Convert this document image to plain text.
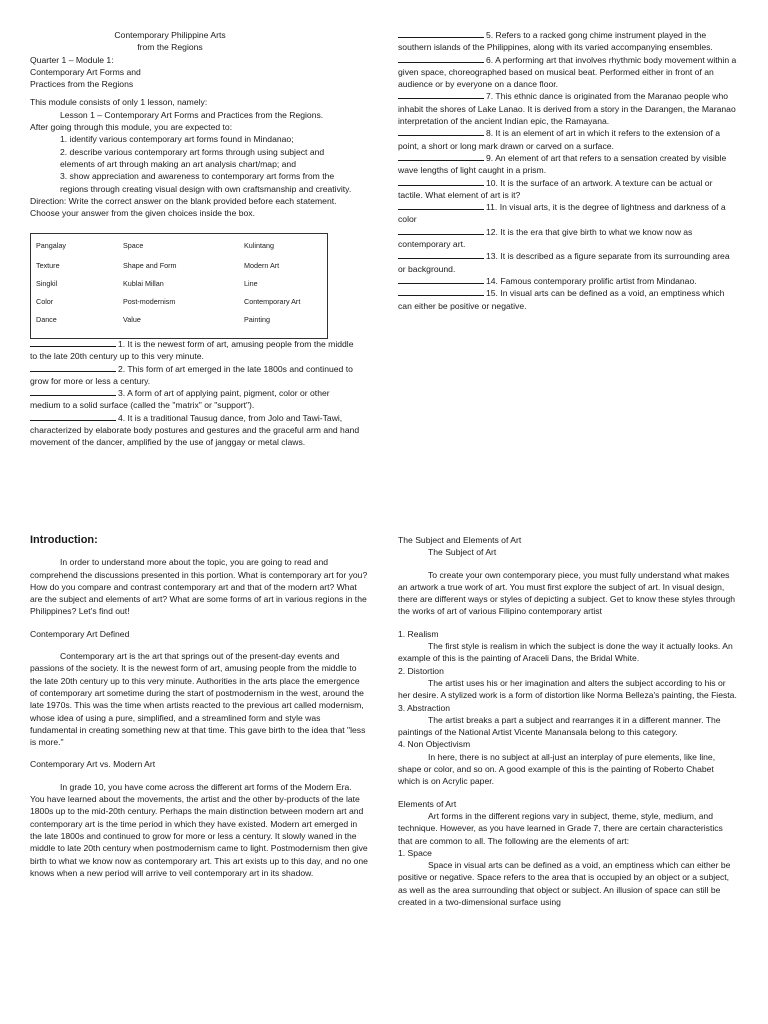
Contemporary Philippine Arts

from the Regions

Quarter 1 – Module 1:

Contemporary Art Forms and

Practices from the Regions

This module consists of only 1 lesson, namely:

Lesson 1 – Contemporary Art Forms and Practices from the Regions.

After going through this module, you are expected to:

1. identify various contemporary art forms found in Mindanao;

2. describe various contemporary art forms through using subject and elements of art through making an art analysis chart/map; and

3. show appreciation and awareness to contemporary art forms from the regions through creating visual design with own craftsmanship and creativity.

Direction: Write the correct answer on the blank provided before each statement. Choose your answer from the given choices inside the box.

Pangalay	Space	Kulintang
Texture	Shape and Form	Modern Art
Singkil	Kublai Millan	Line
Color	Post-modernism	Contemporary Art
Dance	Value	Painting

1. It is the newest form of art, amusing people from the middle to the late 20th century up to this very minute.

2. This form of art emerged in the late 1800s and continued to grow for more or less a century.

3. A form of art of applying paint, pigment, color or other medium to a solid surface (called the "matrix" or "support").

4. It is a traditional Tausug dance, from Jolo and Tawi-Tawi, characterized by elaborate body postures and gestures and the graceful arm and hand movement of the dancer, amplified by the use of janggay or metal claws.

5. Refers to a racked gong chime instrument played in the southern islands of the Philippines, along with its varied accompanying ensembles.

6. A performing art that involves rhythmic body movement within a given space, choreographed based on musical beat. Performed either in front of an audience or by everyone on a dance floor.

7. This ethnic dance is originated from the Maranao people who inhabit the shores of Lake Lanao. It is derived from a story in the Darangen, the Maranao interpretation of the ancient Indian epic, the Ramayana.

8. It is an element of art in which it refers to the extension of a point, a short or long mark drawn or carved on a surface.

9. An element of art that refers to a sensation created by visible wave lengths of light caught in a prism.

10. It is the surface of an artwork. A texture can be actual or tactile. What element of art is it?

11. In visual arts, it is the degree of lightness and darkness of a color

12. It is the era that give birth to what we know now as contemporary art.

13. It is described as a figure separate from its surrounding area or background.

14. Famous contemporary prolific artist from Mindanao.

15. In visual arts can be defined as a void, an emptiness which can either be positive or negative.

Introduction:

In order to understand more about the topic, you are going to read and comprehend the discussions presented in this portion. What is contemporary art for you? How do you compare and contrast contemporary art and that of the modern art? What are the subject and elements of art? What are some forms of art in various regions in the Philippines? Let's find out!

Contemporary Art Defined

Contemporary art is the art that springs out of the present-day events and passions of the society. It is the newest form of art, amusing people from the middle to the late 20th century up to this very minute. Authorities in the arts place the emergence of contemporary art sometime during the start of postmodernism in the west, around the late 1970s. This was the time when artists reacted to the previous art called modernism, whose idea of using a pure, simplified, and a streamlined form and style was fundamental in creating something new at that time. This gave birth to the idea that "less is more."

Contemporary Art vs. Modern Art

In grade 10, you have come across the different art forms of the Modern Era. You have learned about the movements, the artist and the other by-products of the late 1800s up to the mid-20th century. Perhaps the main distinction between modern art and contemporary art is the time period in which they have existed. Modern art emerged in the late 1800s and continued to grow for more or less a century. It slowly waned in the middle to late 20th century when postmodernism came to light. Postmodernism then give birth to what we know now as contemporary art. This art exists up to this day, and no one knows when a new period will arrive to veil contemporary art in its shadow.

The Subject and Elements of Art

The Subject of Art

To create your own contemporary piece, you must fully understand what makes an artwork a true work of art. You must first explore the subject of art. In visual design, there are different ways or styles of depicting a subject. Get to know these styles through the works of art of various Filipino contemporary artist

1. Realism

The first style is realism in which the subject is done the way it actually looks. An example of this is the painting of Araceli Dans, the Bridal White.

2. Distortion

The artist uses his or her imagination and alters the subject according to his or her desire. A stylized work is a form of distortion like Norma Belleza's painting, the Fiesta.

3. Abstraction

The artist breaks a part a subject and rearranges it in a different manner. The paintings of the National Artist Vicente Manansala belong to this category.

4. Non Objectivism

In here, there is no subject at all-just an interplay of pure elements, like line, shape or color, and so on. A good example of this is the painting of Roberto Chabet which is on Acrylic paper.

Elements of Art

Art forms in the different regions vary in subject, theme, style, medium, and technique. However, as you have learned in Grade 7, there are certain characteristics that are common to all. The following are the elements of art:

1. Space

Space in visual arts can be defined as a void, an emptiness which can either be positive or negative. Space refers to the area that is occupied by an object or a subject, as well as the area surrounding that object or subject. An illusion of space can still be created in a two-dimensional surface using
